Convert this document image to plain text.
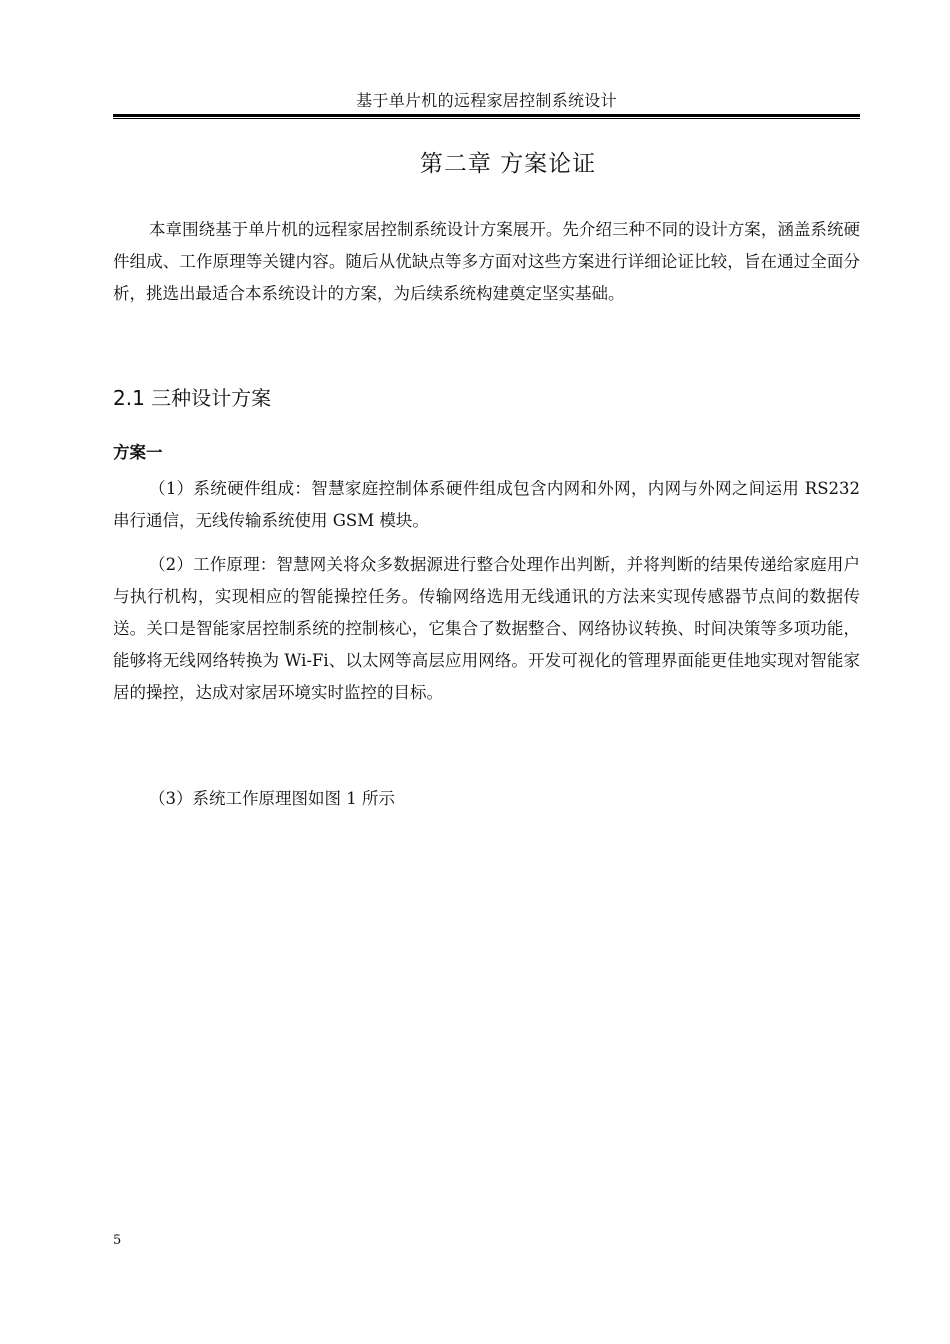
基于单片机的远程家居控制系统设计
第二章 方案论证

本章围绕基于单片机的远程家居控制系统设计方案展开。先介绍三种不同的设计方案，涵盖系统硬件组成、工作原理等关键内容。随后从优缺点等多方面对这些方案进行详细论证比较，旨在通过全面分析，挑选出最适合本系统设计的方案，为后续系统构建奠定坚实基础。

2.1 三种设计方案
方案一

（1）系统硬件组成：智慧家庭控制体系硬件组成包含内网和外网，内网与外网之间运用 RS232 串行通信，无线传输系统使用 GSM 模块。

（2）工作原理：智慧网关将众多数据源进行整合处理作出判断，并将判断的结果传递给家庭用户与执行机构，实现相应的智能操控任务。传输网络选用无线通讯的方法来实现传感器节点间的数据传送。关口是智能家居控制系统的控制核心，它集合了数据整合、网络协议转换、时间决策等多项功能，能够将无线网络转换为 Wi-Fi、以太网等高层应用网络。开发可视化的管理界面能更佳地实现对智能家居的操控，达成对家居环境实时监控的目标。

（3）系统工作原理图如图 1 所示

5
